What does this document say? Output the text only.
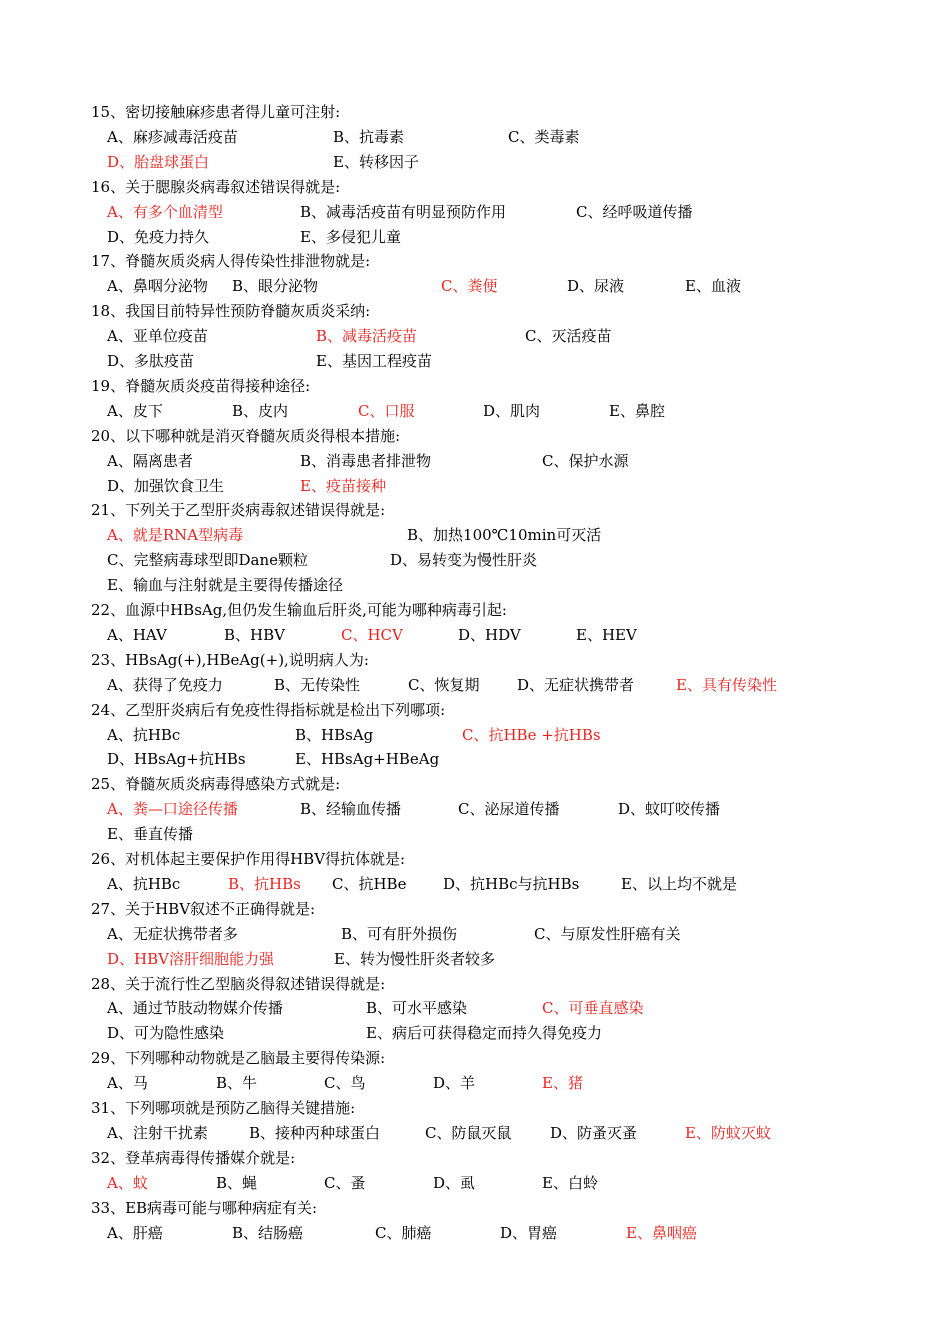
15、密切接触麻疹患者得儿童可注射:
A、麻疹减毒活疫苗	B、抗毒素	C、类毒素
D、胎盘球蛋白	E、转移因子
16、关于腮腺炎病毒叙述错误得就是:
A、有多个血清型	B、减毒活疫苗有明显预防作用	C、经呼吸道传播
D、免疫力持久	E、多侵犯儿童
17、脊髓灰质炎病人得传染性排泄物就是:
A、鼻咽分泌物 B、眼分泌物	C、粪便	D、尿液	E、血液
18、我国目前特异性预防脊髓灰质炎采纳:
A、亚单位疫苗	B、减毒活疫苗	C、灭活疫苗
D、多肽疫苗	E、基因工程疫苗
19、脊髓灰质炎疫苗得接种途径:
A、皮下	B、皮内	C、口服	D、肌肉	E、鼻腔
20、以下哪种就是消灭脊髓灰质炎得根本措施:
A、隔离患者	B、消毒患者排泄物	C、保护水源
D、加强饮食卫生	E、疫苗接种
21、下列关于乙型肝炎病毒叙述错误得就是:
A、就是RNA型病毒	B、加热100℃10min可灭活
C、完整病毒球型即Dane颗粒	D、易转变为慢性肝炎
E、输血与注射就是主要得传播途径
22、血源中HBsAg,但仍发生输血后肝炎,可能为哪种病毒引起:
A、HAV	B、HBV	C、HCV	D、HDV	E、HEV
23、HBsAg(+),HBeAg(+),说明病人为:
A、获得了免疫力	B、无传染性	C、恢复期	D、无症状携带者	E、具有传染性
24、乙型肝炎病后有免疫性得指标就是检出下列哪项:
A、抗HBc	B、HBsAg	C、抗HBe +抗HBs
D、HBsAg+抗HBs	E、HBsAg+HBeAg
25、脊髓灰质炎病毒得感染方式就是:
A、粪—口途径传播	B、经输血传播	C、泌尿道传播	D、蚊叮咬传播
E、垂直传播
26、对机体起主要保护作用得HBV得抗体就是:
A、抗HBc	B、抗HBs C、抗HBe D、抗HBc与抗HBs	E、以上均不就是
27、关于HBV叙述不正确得就是:
A、无症状携带者多	B、可有肝外损伤	C、与原发性肝癌有关
D、HBV溶肝细胞能力强	E、转为慢性肝炎者较多
28、关于流行性乙型脑炎得叙述错误得就是:
A、通过节肢动物媒介传播	B、可水平感染	C、可垂直感染
D、可为隐性感染	E、病后可获得稳定而持久得免疫力
29、下列哪种动物就是乙脑最主要得传染源:
A、马	B、牛	C、鸟	D、羊	E、猪
31、下列哪项就是预防乙脑得关键措施:
A、注射干扰素	B、接种丙种球蛋白	C、防鼠灭鼠	D、防蚤灭蚤	E、防蚊灭蚊
32、登革病毒得传播媒介就是:
A、蚊	B、蝇	C、蚤	D、虱	E、白蛉
33、EB病毒可能与哪种病症有关:
A、肝癌	B、结肠癌	C、肺癌	D、胃癌	E、鼻咽癌
